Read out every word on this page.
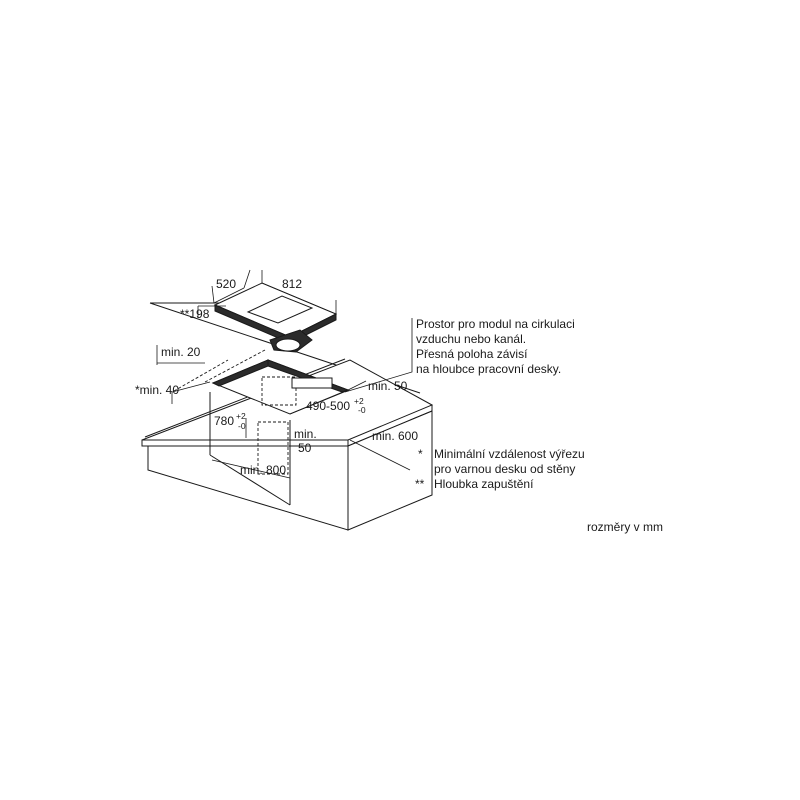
520	812
**198
min. 20
*min. 40	min. 50
490-500 +2
-0
min. 600
780 +2
-0
min.
50
min. 800
Prostor pro modul na cirkulaci
vzduchu nebo kanál.
Přesná poloha závisí
na hloubce pracovní desky.
* Minimální vzdálenost výřezu
pro varnou desku od stěny
** Hloubka zapuštění
rozměry v mm
